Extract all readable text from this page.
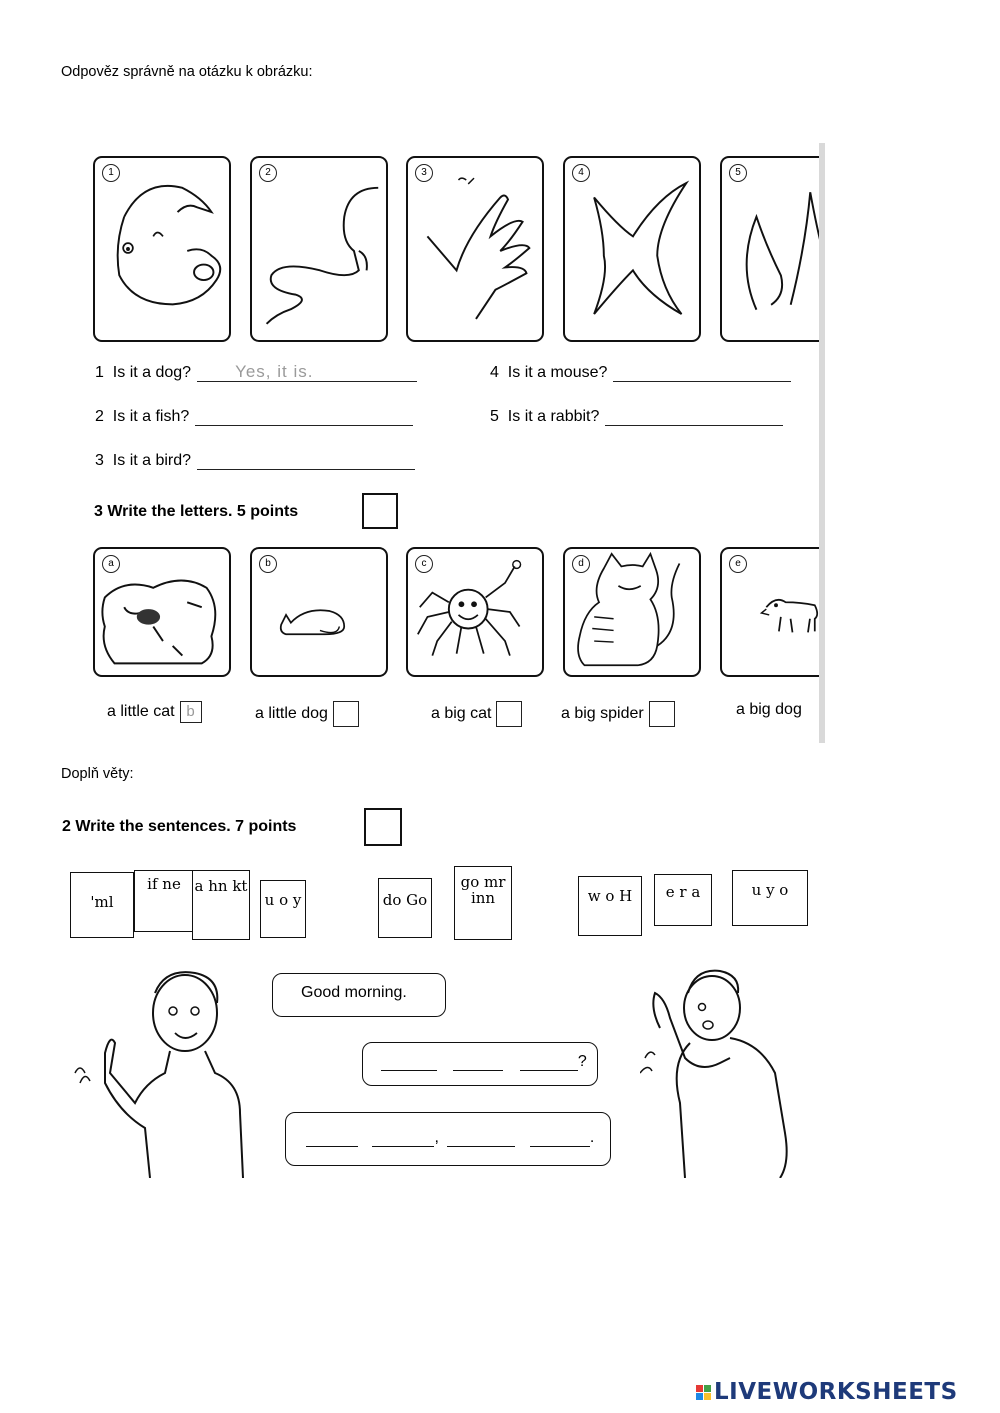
Odpověz správně na otázku k obrázku:
1	2	3	4	5
1
Is it a dog?	Yes, it is.
2
Is it a fish?
3
Is it a bird?
4
Is it a mouse?
5
Is it a rabbit?
3 Write the letters. 5 points
a	b	c	d	e
a little cat b	a little dog	a big cat	a big spider	a big dog
Doplň věty:
2 Write the sentences. 7 points
'ml
if ne a hn kt
u o y	do Go
go mr inn	w o H	e r a	u y o
Good morning.
?
,	.
LIVEWORKSHEETS
